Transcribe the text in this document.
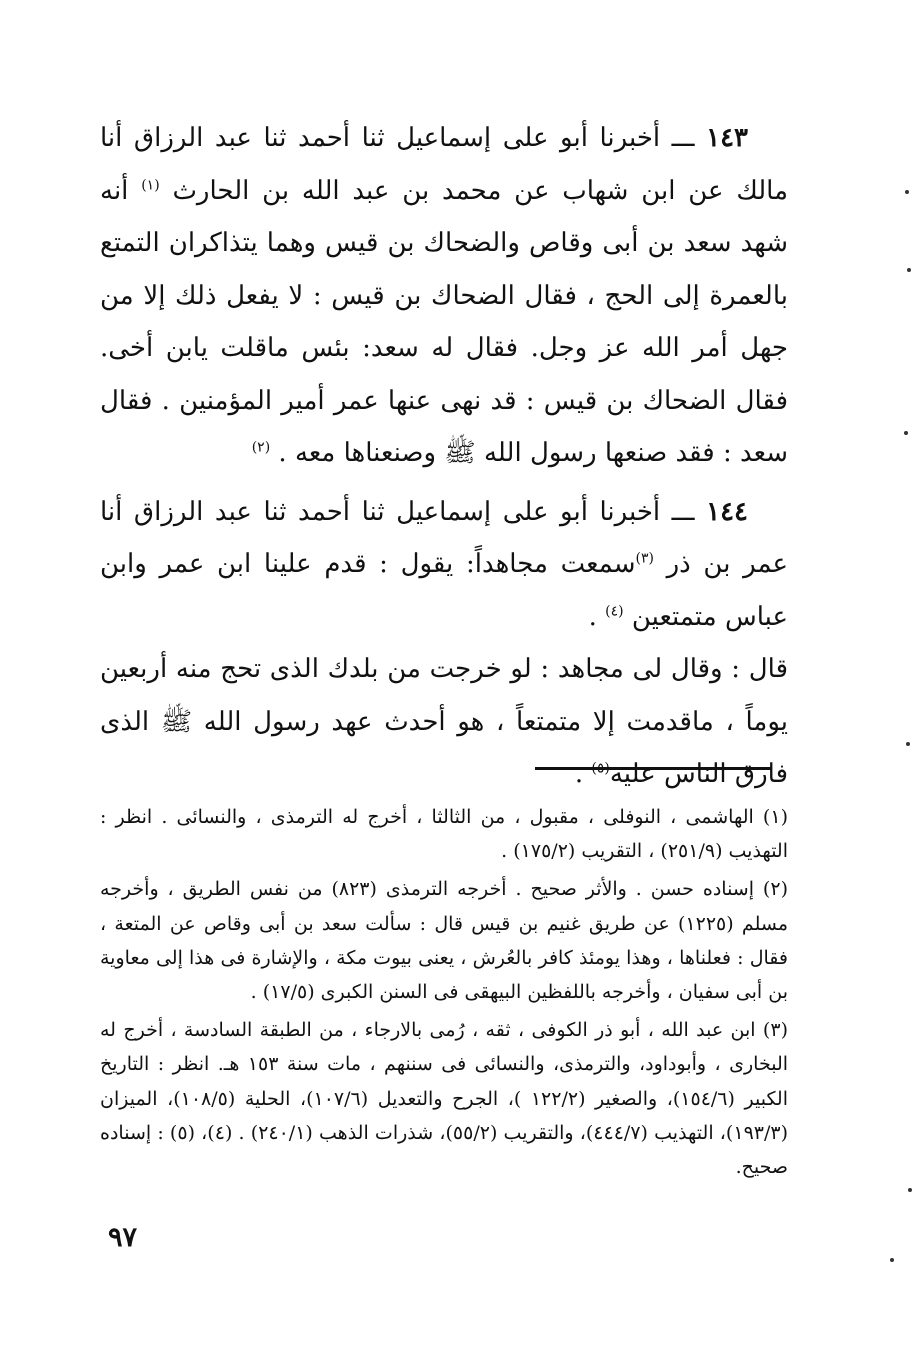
١٤٣ ـــ أخبرنا أبو على إسماعيل ثنا أحمد ثنا عبد الرزاق أنا مالك عن ابن شهاب عن محمد بن عبد الله بن الحارث $^{(١)}$ أنه شهد سعد بن أبى وقاص والضحاك بن قيس وهما يتذاكران التمتع بالعمرة إلى الحج ، فقال الضحاك بن قيس : لا يفعل ذلك إلا من جهل أمر الله عز وجل. فقال له سعد: بئس ماقلت يابن أخى. فقال الضحاك بن قيس : قد نهى عنها عمر أمير المؤمنين . فقال سعد : فقد صنعها رسول الله ﷺ وصنعناها معه . $^{(٢)}$

١٤٤ ـــ أخبرنا أبو على إسماعيل ثنا أحمد ثنا عبد الرزاق أنا عمر بن ذر $^{(٣)}$سمعت مجاهداً: يقول : قدم علينا ابن عمر وابن عباس متمتعين $^{(٤)}$ .

قال : وقال لى مجاهد : لو خرجت من بلدك الذى تحج منه أربعين يوماً ، ماقدمت إلا متمتعاً ، هو أحدث عهد رسول الله ﷺ الذى فارق الناس عليه$^{(٥)}$ .

(١) الهاشمى ، النوفلى ، مقبول ، من الثالثا ، أخرج له الترمذى ، والنسائى . انظر : التهذيب (٢٥١/٩) ، التقريب (١٧٥/٢) .

(٢) إسناده حسن . والأثر صحيح . أخرجه الترمذى (٨٢٣) من نفس الطريق ، وأخرجه مسلم (١٢٢٥) عن طريق غنيم بن قيس قال : سألت سعد بن أبى وقاص عن المتعة ، فقال : فعلناها ، وهذا يومئذ كافر بالعُرش ، يعنى بيوت مكة ، والإشارة فى هذا إلى معاوية بن أبى سفيان ، وأخرجه باللفظين البيهقى فى السنن الكبرى (١٧/٥) .

(٣) ابن عبد الله ، أبو ذر الكوفى ، ثقه ، رُمى بالارجاء ، من الطبقة السادسة ، أخرج له البخارى ، وأبوداود، والترمذى، والنسائى فى سننهم ، مات سنة ١٥٣ هـ. انظر : التاريخ الكبير (١٥٤/٦)، والصغير (١٢٢/٢ )، الجرح والتعديل (١٠٧/٦)، الحلية (١٠٨/٥)، الميزان (١٩٣/٣)، التهذيب (٤٤٤/٧)، والتقريب (٥٥/٢)، شذرات الذهب (٢٤٠/١) . (٤)، (٥) : إسناده صحيح.

٩٧
